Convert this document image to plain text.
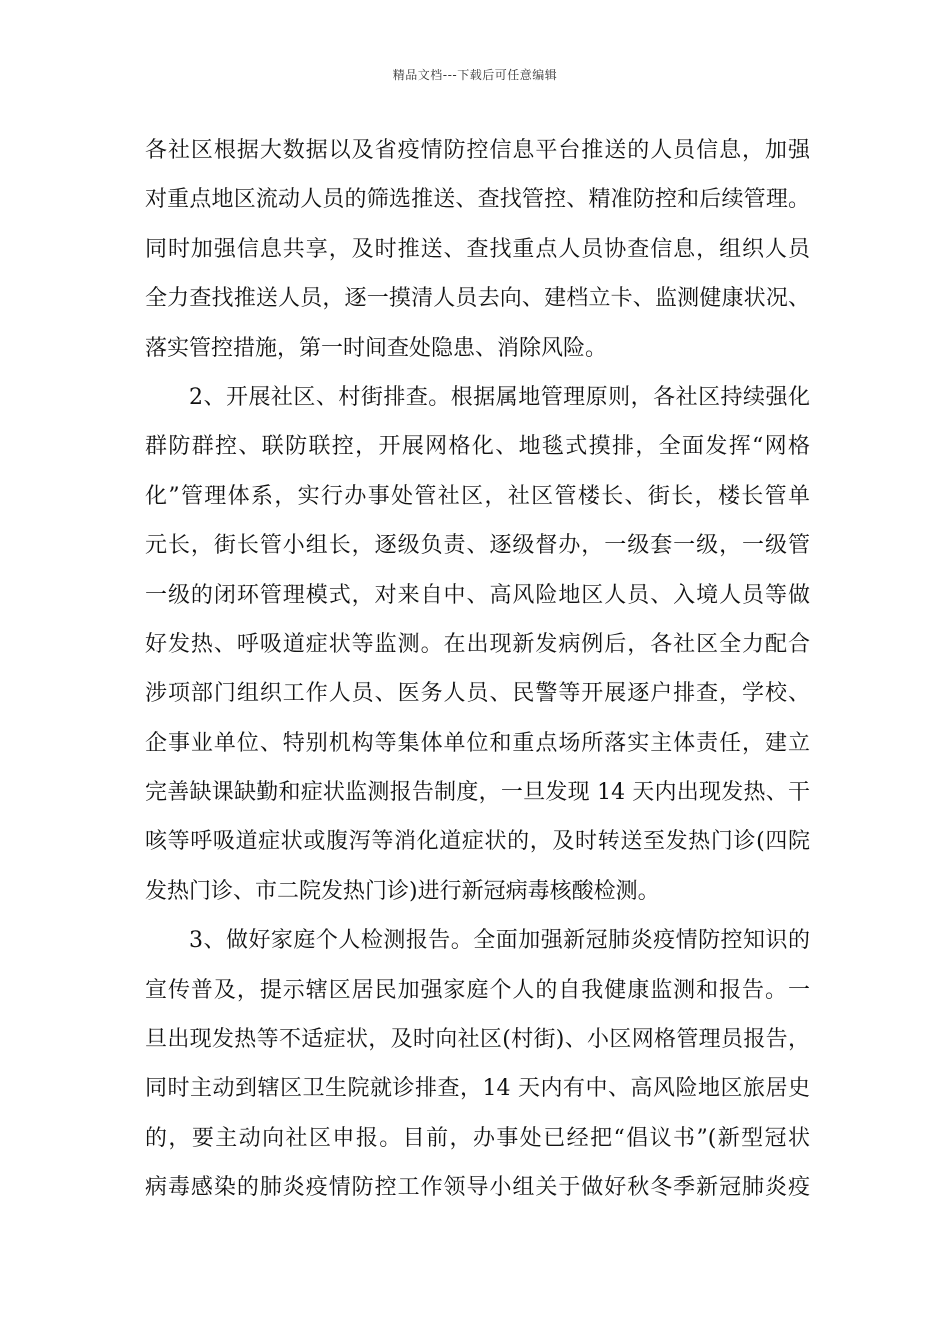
精品文档---下载后可任意编辑
各社区根据大数据以及省疫情防控信息平台推送的人员信息，加强
对重点地区流动人员的筛选推送、查找管控、精准防控和后续管理。
同时加强信息共享，及时推送、查找重点人员协查信息，组织人员
全力查找推送人员，逐一摸清人员去向、建档立卡、监测健康状况、
落实管控措施，第一时间查处隐患、消除风险。
2、开展社区、村街排查。根据属地管理原则，各社区持续强化
群防群控、联防联控，开展网格化、地毯式摸排，全面发挥“网格
化”管理体系，实行办事处管社区，社区管楼长、街长，楼长管单
元长，街长管小组长，逐级负责、逐级督办，一级套一级，一级管
一级的闭环管理模式，对来自中、高风险地区人员、入境人员等做
好发热、呼吸道症状等监测。在出现新发病例后，各社区全力配合
涉项部门组织工作人员、医务人员、民警等开展逐户排查，学校、
企事业单位、特别机构等集体单位和重点场所落实主体责任，建立
完善缺课缺勤和症状监测报告制度，一旦发现 14 天内出现发热、干
咳等呼吸道症状或腹泻等消化道症状的，及时转送至发热门诊(四院
发热门诊、市二院发热门诊)进行新冠病毒核酸检测。
3、做好家庭个人检测报告。全面加强新冠肺炎疫情防控知识的
宣传普及，提示辖区居民加强家庭个人的自我健康监测和报告。一
旦出现发热等不适症状，及时向社区(村街)、小区网格管理员报告，
同时主动到辖区卫生院就诊排查，14 天内有中、高风险地区旅居史
的，要主动向社区申报。目前，办事处已经把“倡议书”(新型冠状
病毒感染的肺炎疫情防控工作领导小组关于做好秋冬季新冠肺炎疫
